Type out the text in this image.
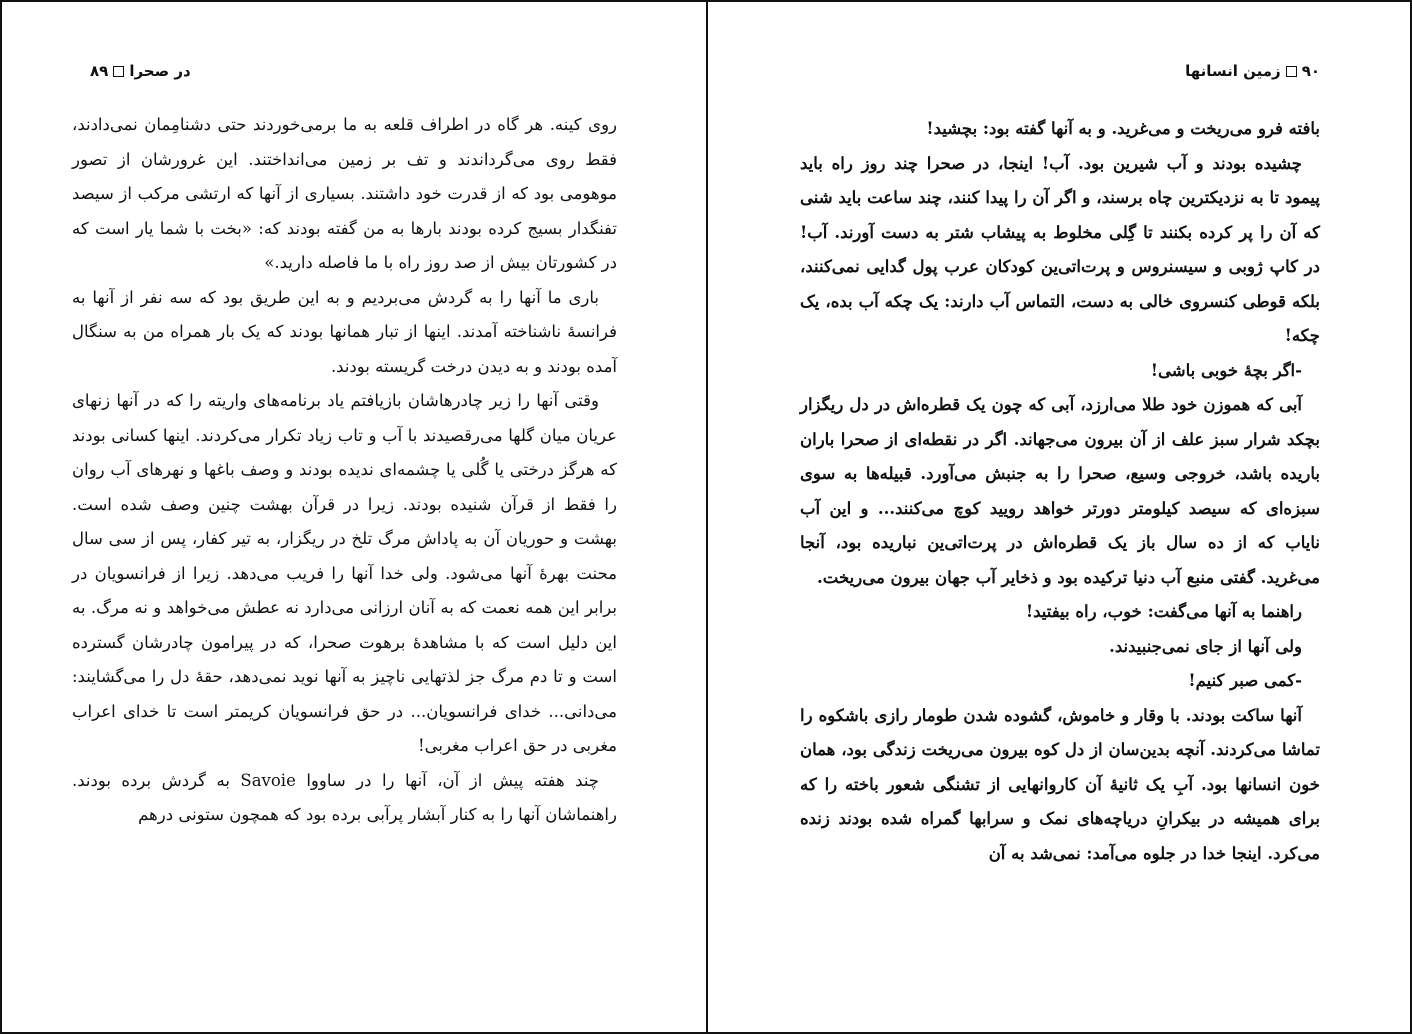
در صحرا۸۹

روی کینه. هر گاه در اطراف قلعه به ما برمی‌خوردند حتی دشنامِمان نمی‌دادند، فقط روی می‌گرداندند و تف بر زمین می‌انداختند. این غرورشان از تصور موهومی بود که از قدرت خود داشتند. بسیاری از آنها که ارتشی مرکب از سیصد تفنگدار بسیج کرده بودند بارها به من گفته بودند که: «بخت با شما یار است که در کشورتان بیش از صد روز راه با ما فاصله دارید.»

باری ما آنها را به گردش می‌بردیم و به این طریق بود که سه نفر از آنها به فرانسهٔ ناشناخته آمدند. اینها از تبار همانها بودند که یک بار همراه من به سنگال آمده بودند و به دیدن درخت گریسته بودند.

وقتی آنها را زیر چادرهاشان بازیافتم یاد برنامه‌های واریته را که در آنها زنهای عریان میان گلها می‌رقصیدند با آب و تاب زیاد تکرار می‌کردند. اینها کسانی بودند که هرگز درختی یا گُلی یا چشمه‌ای ندیده بودند و وصف باغها و نهرهای آب روان را فقط از قرآن شنیده بودند. زیرا در قرآن بهشت چنین وصف شده است. بهشت و حوریان آن به پاداش مرگ تلخ در ریگزار، به تیر کفار، پس از سی سال محنت بهرهٔ آنها می‌شود. ولی خدا آنها را فریب می‌دهد. زیرا از فرانسویان در برابر این همه نعمت که به آنان ارزانی می‌دارد نه عطش می‌خواهد و نه مرگ. به این دلیل است که با مشاهدهٔ برهوت صحرا، که در پیرامون چادرشان گسترده است و تا دم مرگ جز لذتهایی ناچیز به آنها نوید نمی‌دهد، حقهٔ دل را می‌گشایند: می‌دانی... خدای فرانسویان... در حق فرانسویان کریمتر است تا خدای اعراب مغربی در حق اعراب مغربی!

چند هفته پیش از آن، آنها را در ساووا Savoie به گردش برده بودند. راهنماشان آنها را به کنار آبشار پرآبی برده بود که همچون ستونی درهم

۹۰زمین انسانها

بافته فرو می‌ریخت و می‌غرید. و به آنها گفته بود: بچشید!

چشیده بودند و آب شیرین بود. آب! اینجا، در صحرا چند روز راه باید پیمود تا به نزدیکترین چاه برسند، و اگر آن را پیدا کنند، چند ساعت باید شنی که آن را پر کرده بکنند تا گِلی مخلوط به پیشاب شتر به دست آورند. آب! در کاپ ژوبی و سیسنروس و پرت‌اتی‌ین کودکان عرب پول گدایی نمی‌کنند، بلکه قوطی کنسروی خالی به دست، التماس آب دارند: یک چکه آب بده، یک چکه!

-اگر بچهٔ خوبی باشی!

آبی که هموزن خود طلا می‌ارزد، آبی که چون یک قطره‌اش در دل ریگزار بچکد شرار سبز علف از آن بیرون می‌جهاند. اگر در نقطه‌ای از صحرا باران باریده باشد، خروجی وسیع، صحرا را به جنبش می‌آورد. قبیله‌ها به سوی سبزه‌ای که سیصد کیلومتر دورتر خواهد رویید کوچ می‌کنند... و این آب نایاب که از ده سال باز یک قطره‌اش در پرت‌اتی‌ین نباریده بود، آنجا می‌غرید. گفتی منبع آب دنیا ترکیده بود و ذخایر آب جهان بیرون می‌ریخت.

راهنما به آنها می‌گفت: خوب، راه بیفتید!

ولی آنها از جای نمی‌جنبیدند.

-کمی صبر کنیم!

آنها ساکت بودند. با وقار و خاموش، گشوده شدن طومار رازی باشکوه را تماشا می‌کردند. آنچه بدین‌سان از دل کوه بیرون می‌ریخت زندگی بود، همان خون انسانها بود. آبِ یک ثانیهٔ آن کاروانهایی از تشنگی شعور باخته را که برای همیشه در بیکرانِ دریاچه‌های نمک و سرابها گمراه شده بودند زنده می‌کرد. اینجا خدا در جلوه می‌آمد: نمی‌شد به آن
